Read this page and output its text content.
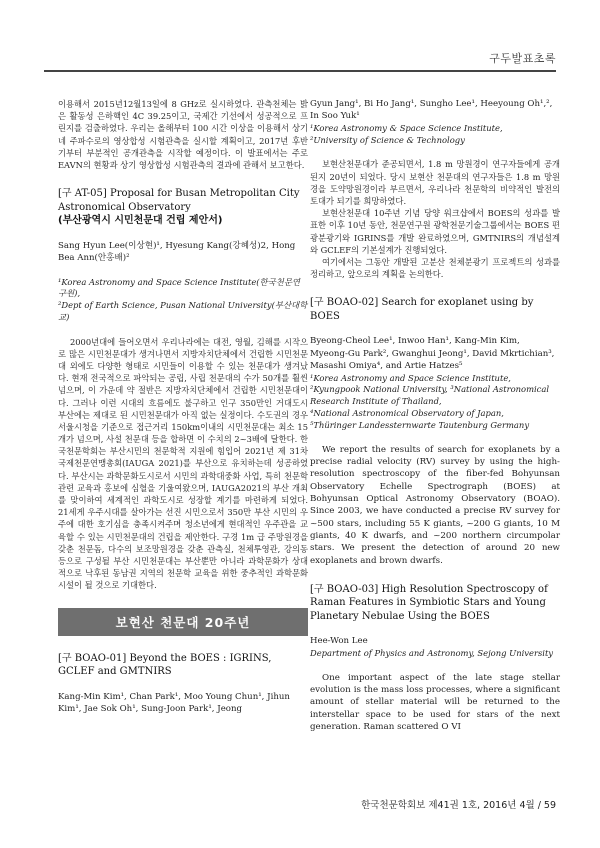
구두발표초록

이용해서 2015년12월13일에 8 GHz로 실시하였다. 관측천체는 밝은 활동성 은하핵인 4C 39.25이고, 국제간 기선에서 성공적으로 프린지를 검출하였다. 우리는 올해부터 100 시간 이상을 이용해서 상기 네 주파수로의 영상합성 시험관측을 실시할 계획이고, 2017년 후반기부터 부분적인 공개관측을 시작할 예정이다. 이 발표에서는 주로 EAVN의 현황과 상기 영상합성 시험관측의 결과에 관해서 보고한다.

[구 AT-05] Proposal for Busan Metropolitan City Astronomical Observatory

(부산광역시 시민천문대 건립 제안서)

Sang Hyun Lee(이상현)¹, Hyesung Kang(강혜성)2, Hong Bea Ann(안홍배)²

¹Korea Astronomy and Space Science Institute(한국천문연구원),

²Dept of Earth Science, Pusan National University(부산대학교)

2000년대에 들어오면서 우리나라에는 대전, 영월, 김해를 시작으로 많은 시민천문대가 생겨나면서 지방자치단체에서 건립한 시민천문대 외에도 다양한 형태로 시민들이 이용할 수 있는 천문대가 생겨났다. 현재 전국적으로 파악되는 공립, 사립 천문대의 수가 50개를 훨씬 넘으며, 이 가운데 약 절반은 지방자치단체에서 건립한 시민천문대이다. 그러나 이런 시대의 흐름에도 불구하고 인구 350만인 거대도시 부산에는 제대로 된 시민천문대가 아직 없는 실정이다. 수도권의 경우 서울시청을 기준으로 접근거리 150km이내의 시민천문대는 최소 15개가 넘으며, 사설 천문대 등을 합하면 이 수치의 2~3배에 달한다. 한국천문학회는 부산시민의 천문학적 지원에 힘입어 2021년 제 31차 국제천문연맹총회(IAUGA 2021)를 부산으로 유치하는데 성공하였다. 부산시는 과학문화도시로서 시민의 과학대중화 사업, 특히 천문학 관련 교육과 홍보에 심혈을 기울여왔으며, IAUGA2021의 부산 개최를 맞이하여 세계적인 과학도시로 성장할 계기를 마련하게 되었다. 21세게 우주시대를 살아가는 선진 시민으로서 350만 부산 시민의 우주에 대한 호기심을 충족시켜주며 청소년에게 현대적인 우주관을 교육할 수 있는 시민천문대의 건립을 제안한다. 구경 1m 급 주망원경을 갖춘 천문돔, 다수의 보조망원경을 갖춘 관측실, 천체투영관, 강의동 등으로 구성될 부산 시민천문대는 부산뿐만 아니라 과학문화가 상대적으로 낙후된 동남권 지역의 천문학 교육을 위한 중추적인 과학문화시설이 될 것으로 기대한다.

보현산 천문대 20주년

[구 BOAO-01] Beyond the BOES : IGRINS, GCLEF and GMTNIRS

Kang-Min Kim¹, Chan Park¹, Moo Young Chun¹, Jihun Kim¹, Jae Sok Oh¹, Sung-Joon Park¹, Jeong

Gyun Jang¹, Bi Ho Jang¹, Sungho Lee¹, Heeyoung Oh¹,², In Soo Yuk¹

¹Korea Astronomy & Space Science Institute,

²University of Science & Technology

보현산천문대가 준공되면서, 1.8 m 망원경이 연구자들에게 공개된지 20년이 되었다. 당시 보현산 천문대의 연구자들은 1.8 m 망원경을 도약망원경이라 부르면서, 우리나라 천문학의 비약적인 발전의 토대가 되기를 희망하였다.

보현산천문대 10주년 기념 당양 워크샵에서 BOES의 성과를 발표한 이후 10년 동안, 천문연구원 광학천문기술그룹에서는 BOES 편광분광기와 IGRINS를 개발 완료하였으며, GMTNIRS의 개념설계와 GCLEF의 기본설계가 진행되었다.

여기에서는 그동안 개발된 고분산 천체분광기 프로젝트의 성과를 정리하고, 앞으로의 계획을 논의한다.

[구 BOAO-02] Search for exoplanet using by BOES

Byeong-Cheol Lee¹, Inwoo Han¹, Kang-Min Kim, Myeong-Gu Park², Gwanghui Jeong¹, David Mkrtichian³, Masashi Omiya⁴, and Artie Hatzes⁵

¹Korea Astronomy and Space Science Institute,

²Kyungpook National University, ³National Astronomical Research Institute of Thailand,

⁴National Astronomical Observatory of Japan,

⁵Thüringer Landessternwarte Tautenburg Germany

We report the results of search for exoplanets by a precise radial velocity (RV) survey by using the high-resolution spectroscopy of the fiber-fed Bohyunsan Observatory Echelle Spectrograph (BOES) at Bohyunsan Optical Astronomy Observatory (BOAO). Since 2003, we have conducted a precise RV survey for ~500 stars, including 55 K giants, ~200 G giants, 10 M giants, 40 K dwarfs, and ~200 northern circumpolar stars. We present the detection of around 20 new exoplanets and brown dwarfs.

[구 BOAO-03] High Resolution Spectroscopy of Raman Features in Symbiotic Stars and Young Planetary Nebulae Using the BOES

Hee-Won Lee

Department of Physics and Astronomy, Sejong University

One important aspect of the late stage stellar evolution is the mass loss processes, where a significant amount of stellar material will be returned to the interstellar space to be used for stars of the next generation. Raman scattered O VI

한국천문학회보 제41권 1호, 2016년 4월 / 59
